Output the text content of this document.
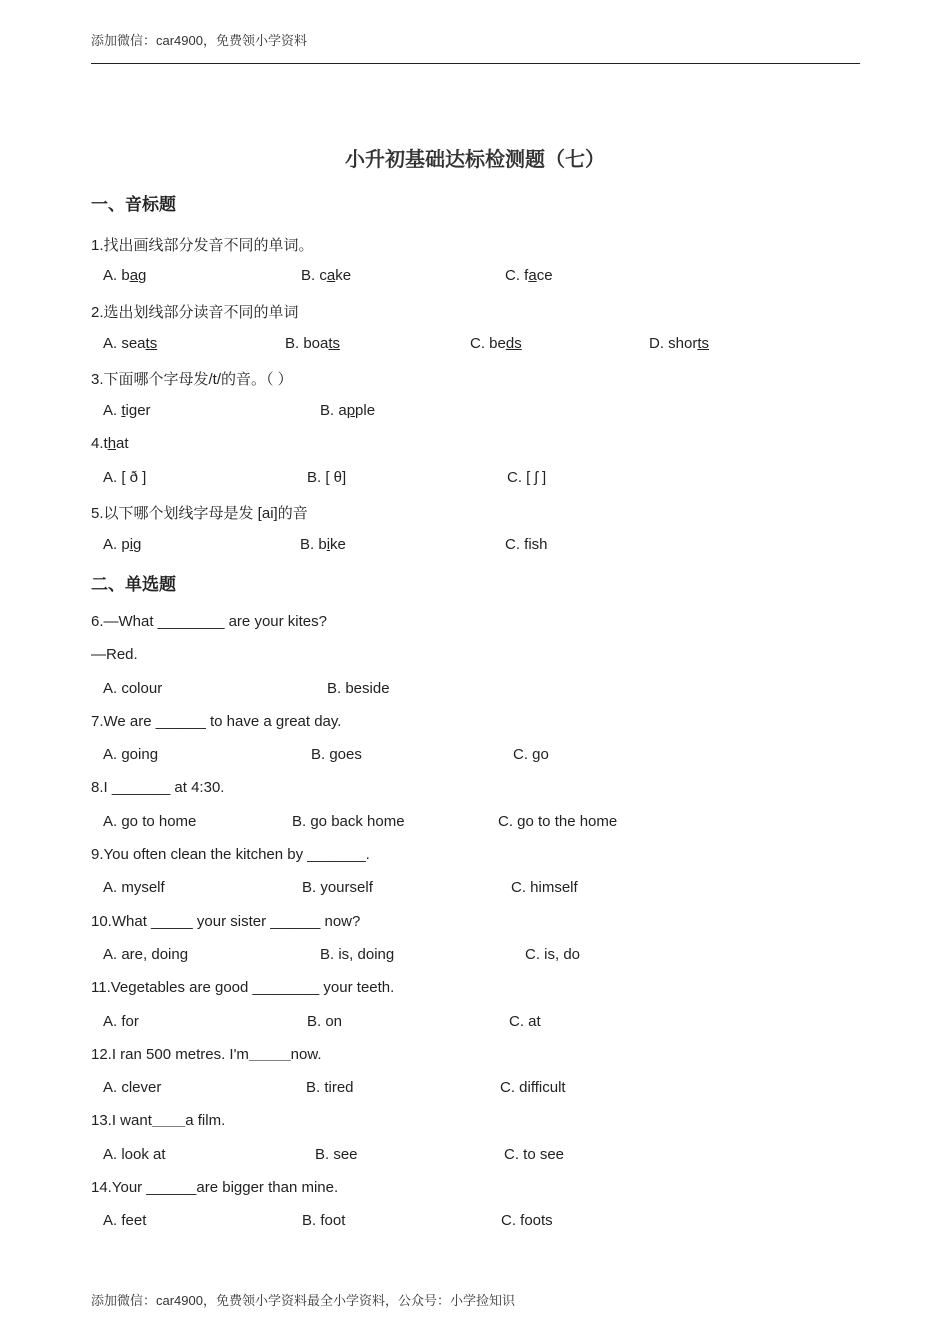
添加微信：car4900，免费领小学资料
小升初基础达标检测题（七）
一、音标题
1.找出画线部分发音不同的单词。
A. bag	B. cake	C. face
2.选出划线部分读音不同的单词
A. seats	B. boats	C. beds	D. shorts
3.下面哪个字母发/t/的音。（ ）
A. tiger	B. apple
4.that
A. [ ð ]	B. [ θ]	C. [ ʃ ]
5.以下哪个划线字母是发 [ai]的音
A. pig	B. bike	C. fish
二、单选题
6.—What ________ are your kites?
—Red.
A. colour	B. beside
7.We are ______ to have a great day.
A. going	B. goes	C. go
8.I _______ at 4:30.
A. go to home	B. go back home	C. go to the home
9.You often clean the kitchen by _______.
A. myself	B. yourself	C. himself
10.What _____ your sister ______ now?
A. are, doing	B. is, doing	C. is, do
11.Vegetables are good ________ your teeth.
A. for	B. on	C. at
12.I ran 500 metres. I'm_____now.
A. clever	B. tired	C. difficult
13.I want____a film.
A. look at	B. see	C. to see
14.Your ______are bigger than mine.
A. feet	B. foot	C. foots
添加微信：car4900，免费领小学资料最全小学资料，公众号：小学捡知识
